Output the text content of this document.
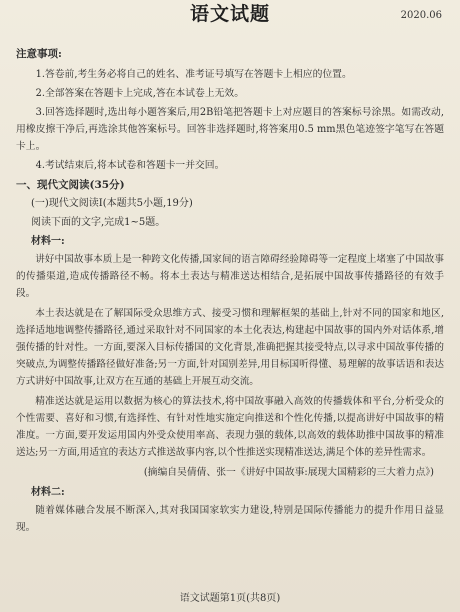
语文试题	2020.06
注意事项:

1.答卷前,考生务必将自己的姓名、准考证号填写在答题卡上相应的位置。

2.全部答案在答题卡上完成,答在本试卷上无效。

3.回答选择题时,选出每小题答案后,用2B铅笔把答题卡上对应题目的答案标号涂黑。如需改动,用橡皮擦干净后,再选涂其他答案标号。回答非选择题时,将答案用0.5 mm黑色笔迹签字笔写在答题卡上。

4.考试结束后,将本试卷和答题卡一并交回。

一、现代文阅读(35分)
(一)现代文阅读Ⅰ(本题共5小题,19分)
阅读下面的文字,完成1~5题。
材料一:

讲好中国故事本质上是一种跨文化传播,国家间的语言障碍经验障碍等一定程度上堵塞了中国故事的传播渠道,造成传播路径不畅。将本土表达与精准送达相结合,是拓展中国故事传播路径的有效手段。

本土表达就是在了解国际受众思维方式、接受习惯和理解框架的基础上,针对不同的国家和地区,选择适地地调整传播路径,通过采取针对不同国家的本土化表达,构建起中国故事的国内外对话体系,增强传播的针对性。一方面,要深入目标传播国的文化背景,准确把握其接受特点,以寻求中国故事传播的突破点,为调整传播路径做好准备;另一方面,针对国别差异,用目标国听得懂、易理解的故事话语和表达方式讲好中国故事,让双方在互通的基础上开展互动交流。

精准送达就是运用以数据为核心的算法技术,将中国故事融入高效的传播载体和平台,分析受众的个性需要、喜好和习惯,有选择性、有针对性地实施定向推送和个性化传播,以提高讲好中国故事的精准度。一方面,要开发运用国内外受众使用率高、表现力强的载体,以高效的载体助推中国故事的精准送达;另一方面,用适宜的表达方式推送故事内容,以个性推送实现精准送达,满足个体的差异性需求。

(摘编自吴倩倩、张一《讲好中国故事:展现大国精彩的三大着力点》)
材料二:

随着媒体融合发展不断深入,其对我国国家软实力建设,特别是国际传播能力的提升作用日益显现。

语文试题第1页(共8页)
